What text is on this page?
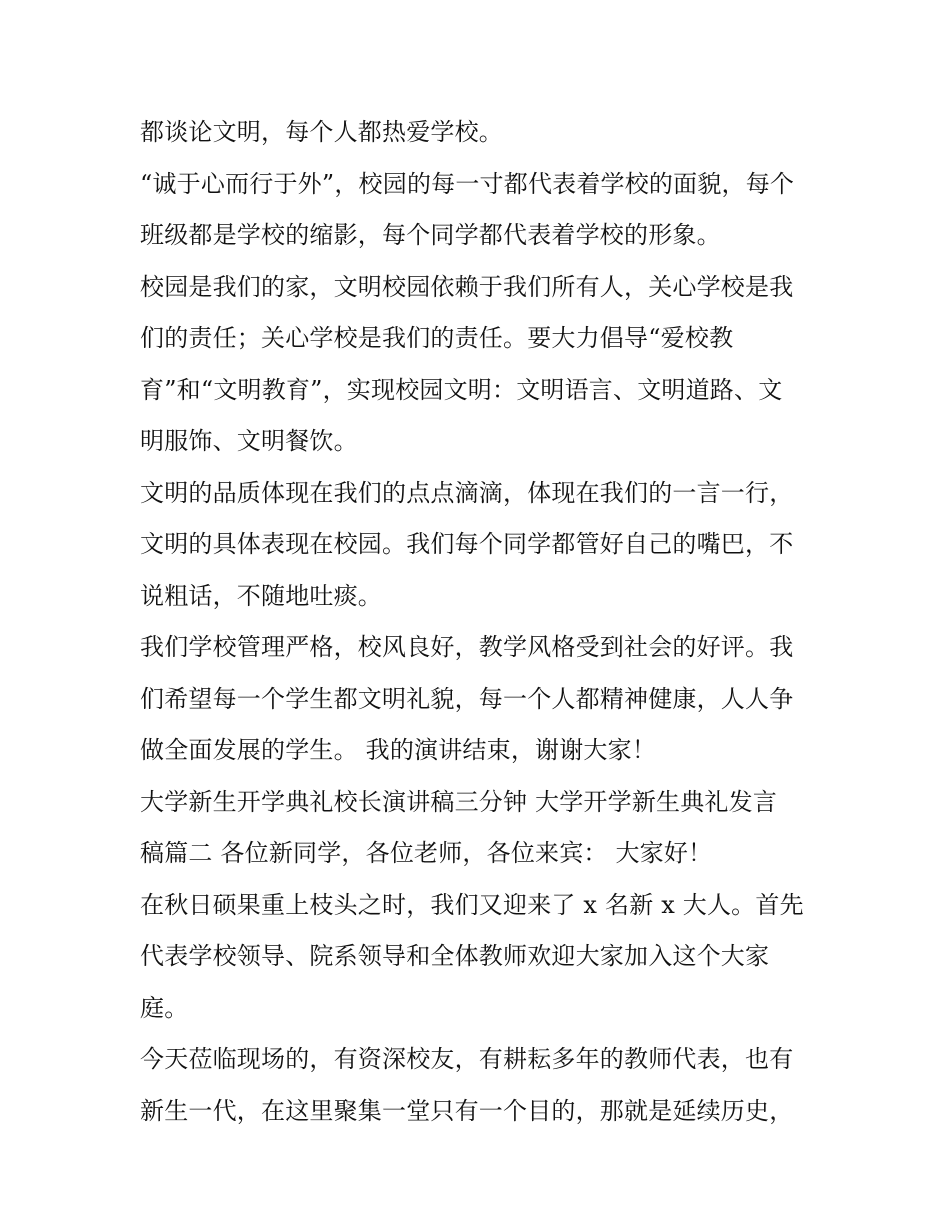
都谈论文明，每个人都热爱学校。
“诚于心而行于外”，校园的每一寸都代表着学校的面貌，每个
班级都是学校的缩影，每个同学都代表着学校的形象。
校园是我们的家，文明校园依赖于我们所有人，关心学校是我
们的责任；关心学校是我们的责任。要大力倡导“爱校教
育”和“文明教育”，实现校园文明：文明语言、文明道路、文
明服饰、文明餐饮。
文明的品质体现在我们的点点滴滴，体现在我们的一言一行，
文明的具体表现在校园。我们每个同学都管好自己的嘴巴，不
说粗话，不随地吐痰。
我们学校管理严格，校风良好，教学风格受到社会的好评。我
们希望每一个学生都文明礼貌，每一个人都精神健康，人人争
做全面发展的学生。 我的演讲结束，谢谢大家！
大学新生开学典礼校长演讲稿三分钟 大学开学新生典礼发言
稿篇二 各位新同学，各位老师，各位来宾： 大家好！
在秋日硕果重上枝头之时，我们又迎来了 x 名新 x 大人。首先
代表学校领导、院系领导和全体教师欢迎大家加入这个大家
庭。
今天莅临现场的，有资深校友，有耕耘多年的教师代表，也有
新生一代，在这里聚集一堂只有一个目的，那就是延续历史，
